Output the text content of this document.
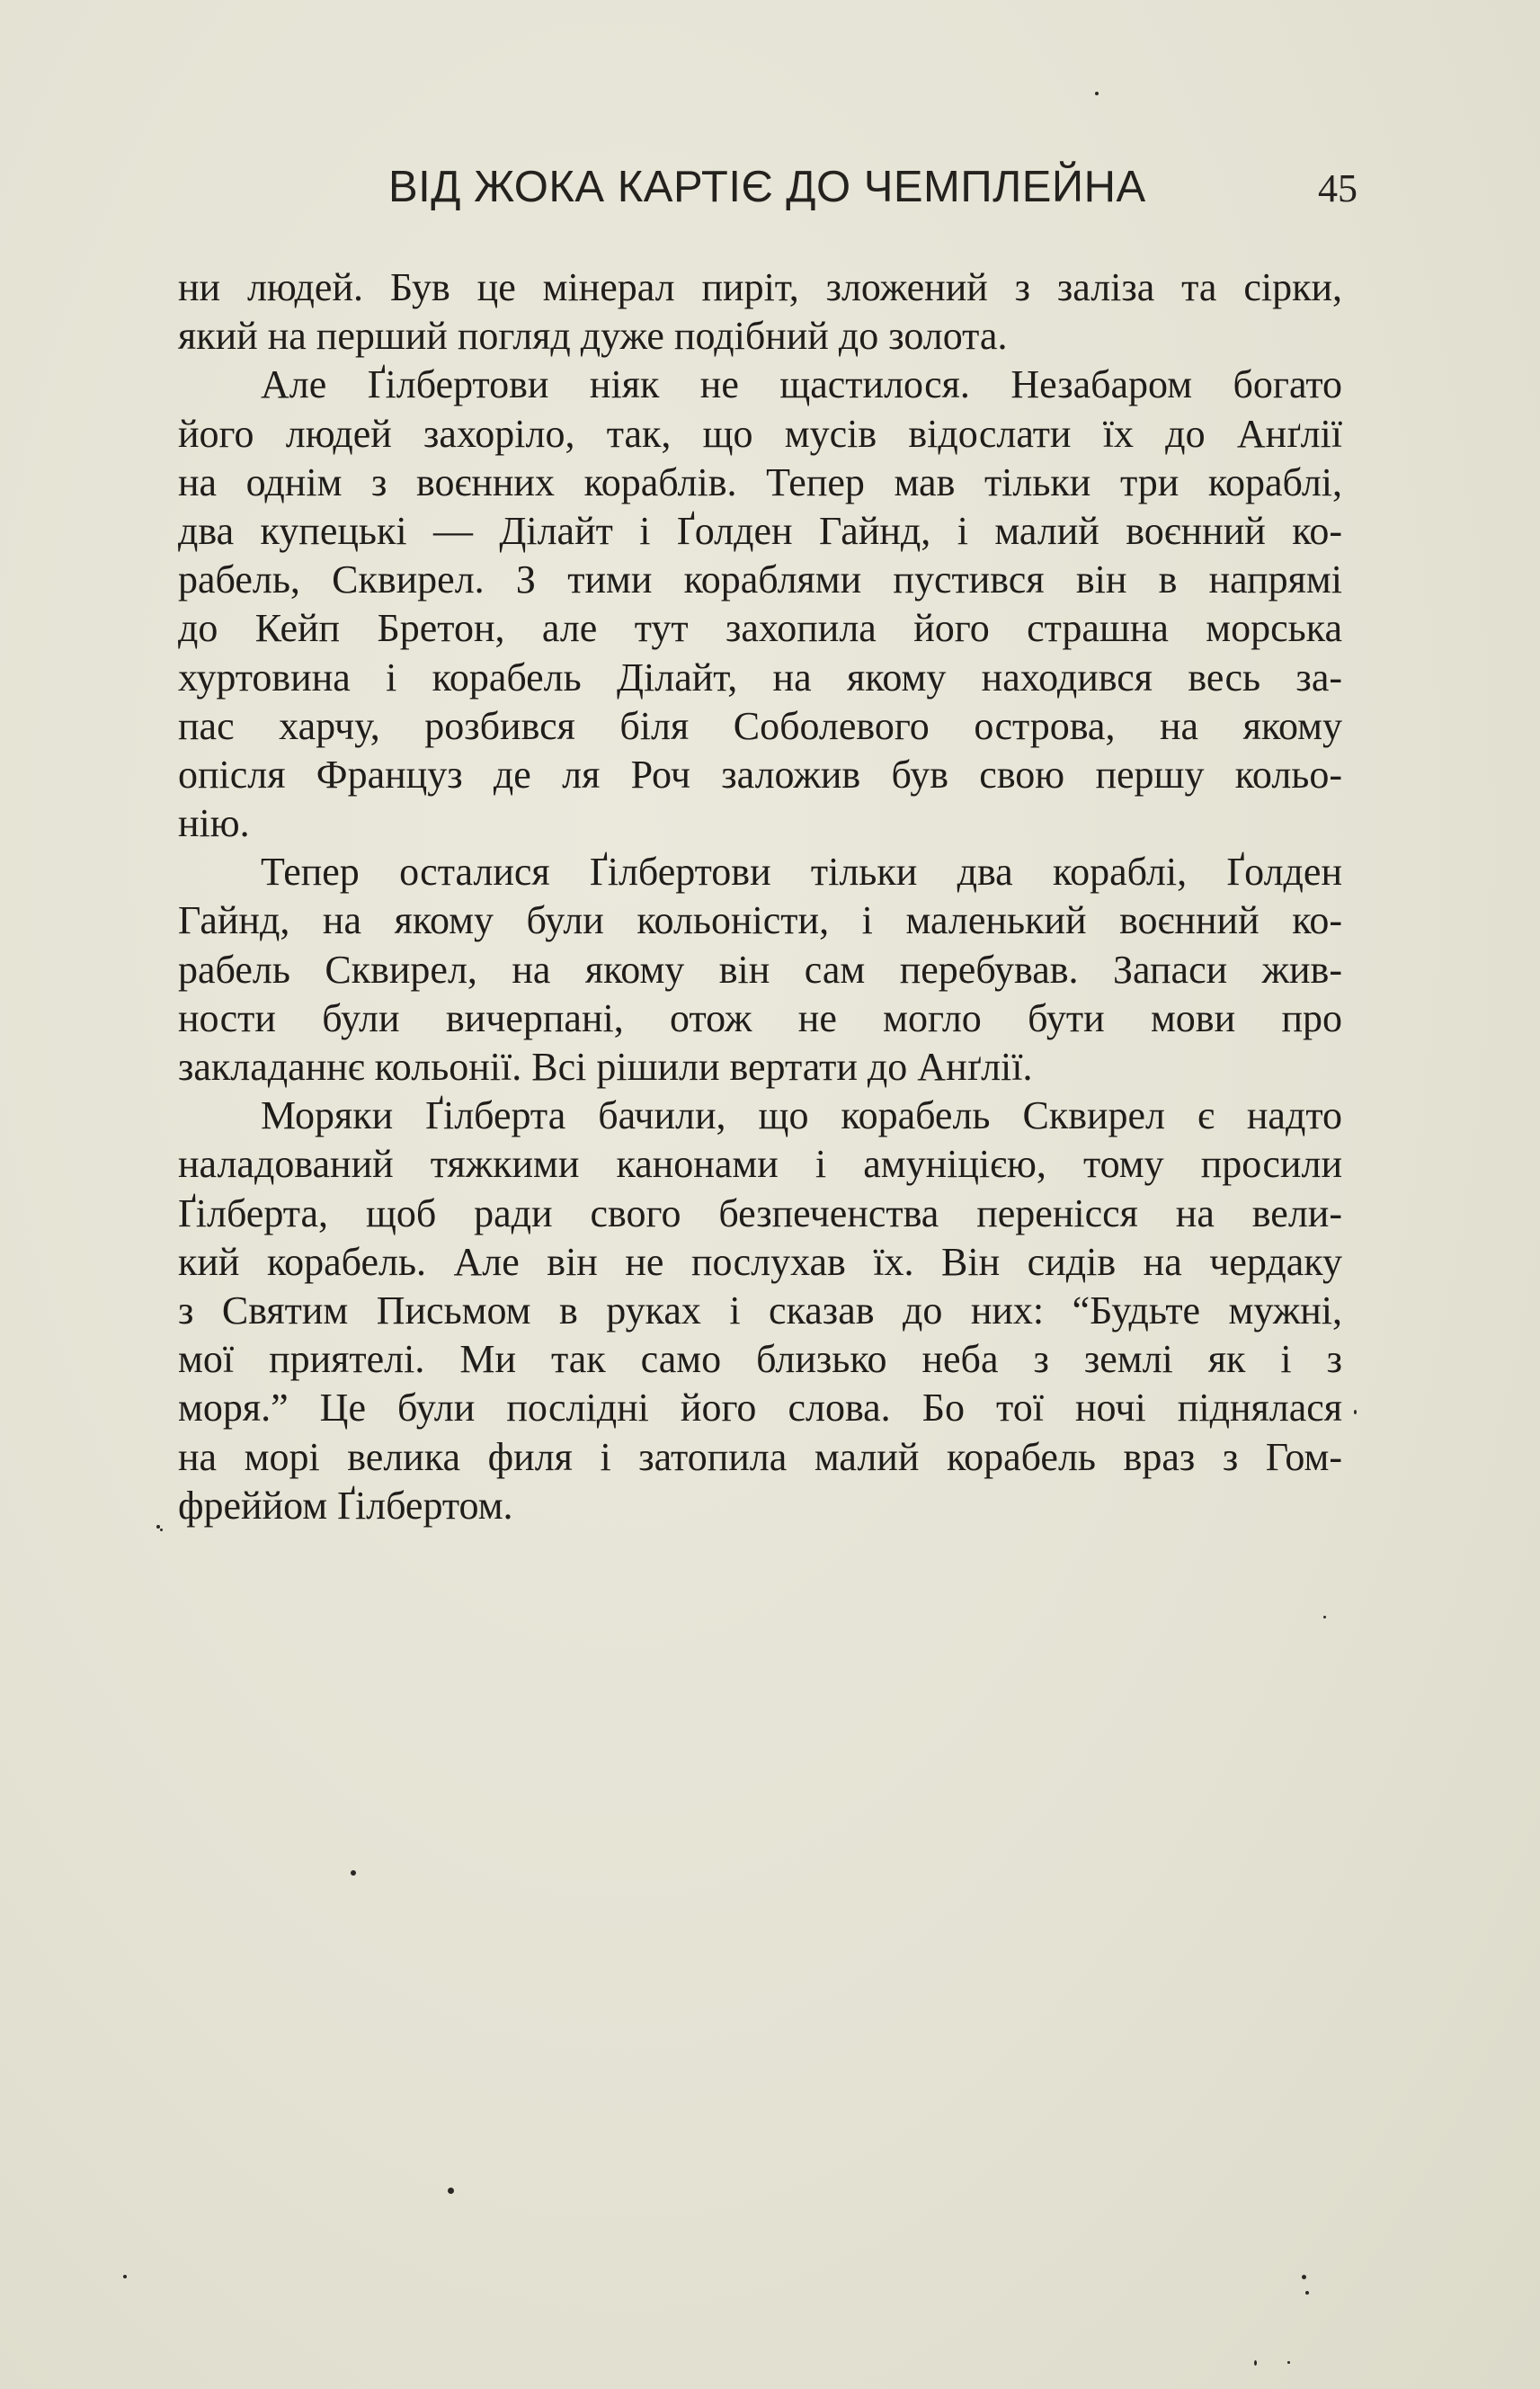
ВІД ЖОКА КАРТІЄ ДО ЧЕМПЛЕЙНА	45
ни людей. Був це мінерал пиріт, зложений з заліза та сірки,
який на перший погляд дуже подібний до золота.
Але Ґілбертови ніяк не щастилося. Незабаром богато
його людей захоріло, так, що мусів відослати їх до Анґлії
на однім з воєнних кораблів. Тепер мав тільки три кораблі,
два купецькі — Ділайт і Ґолден Гайнд, і малий воєнний ко-
рабель, Сквирел. З тими кораблями пустився він в напрямі
до Кейп Бретон, але тут захопила його страшна морська
хуртовина і корабель Ділайт, на якому находився весь за-
пас харчу, розбився біля Соболевого острова, на якому
опісля Француз де ля Роч заложив був свою першу кольо-
нію.
Тепер осталися Ґілбертови тільки два кораблі, Ґолден
Гайнд, на якому були кольоністи, і маленький воєнний ко-
рабель Сквирел, на якому він сам перебував. Запаси жив-
ности були вичерпані, отож не могло бути мови про
закладаннє кольонії. Всі рішили вертати до Анґлії.
Моряки Ґілберта бачили, що корабель Сквирел є надто
наладований тяжкими канонами і амуніцією, тому просили
Ґілберта, щоб ради свого безпеченства перенісся на вели-
кий корабель. Але він не послухав їх. Він сидів на чердаку
з Святим Письмом в руках і сказав до них: “Будьте мужні,
мої приятелі. Ми так само близько неба з землі як і з
моря.” Це були послідні його слова. Бо тої ночі піднялася
на морі велика филя і затопила малий корабель враз з Гом-
фреййом Ґілбертом.
